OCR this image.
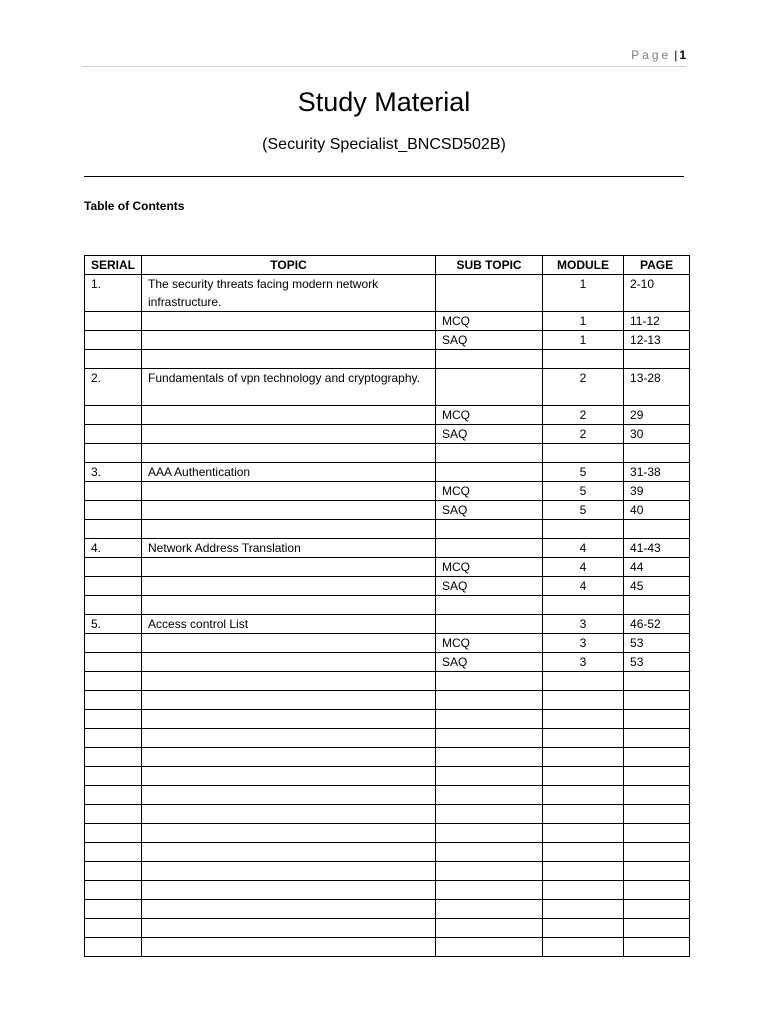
Page | 1
Study Material
(Security Specialist_BNCSD502B)
Table of Contents
SERIAL	TOPIC	SUB TOPIC	MODULE	PAGE
1.	The security threats facing modern network infrastructure.		1	2-10
		MCQ	1	11-12
		SAQ	1	12-13

2.	Fundamentals of vpn technology and cryptography.		2	13-28
		MCQ	2	29
		SAQ	2	30

3.	AAA Authentication		5	31-38
		MCQ	5	39
		SAQ	5	40

4.	Network Address Translation		4	41-43
		MCQ	4	44
		SAQ	4	45

5.	Access control List		3	46-52
		MCQ	3	53
		SAQ	3	53
